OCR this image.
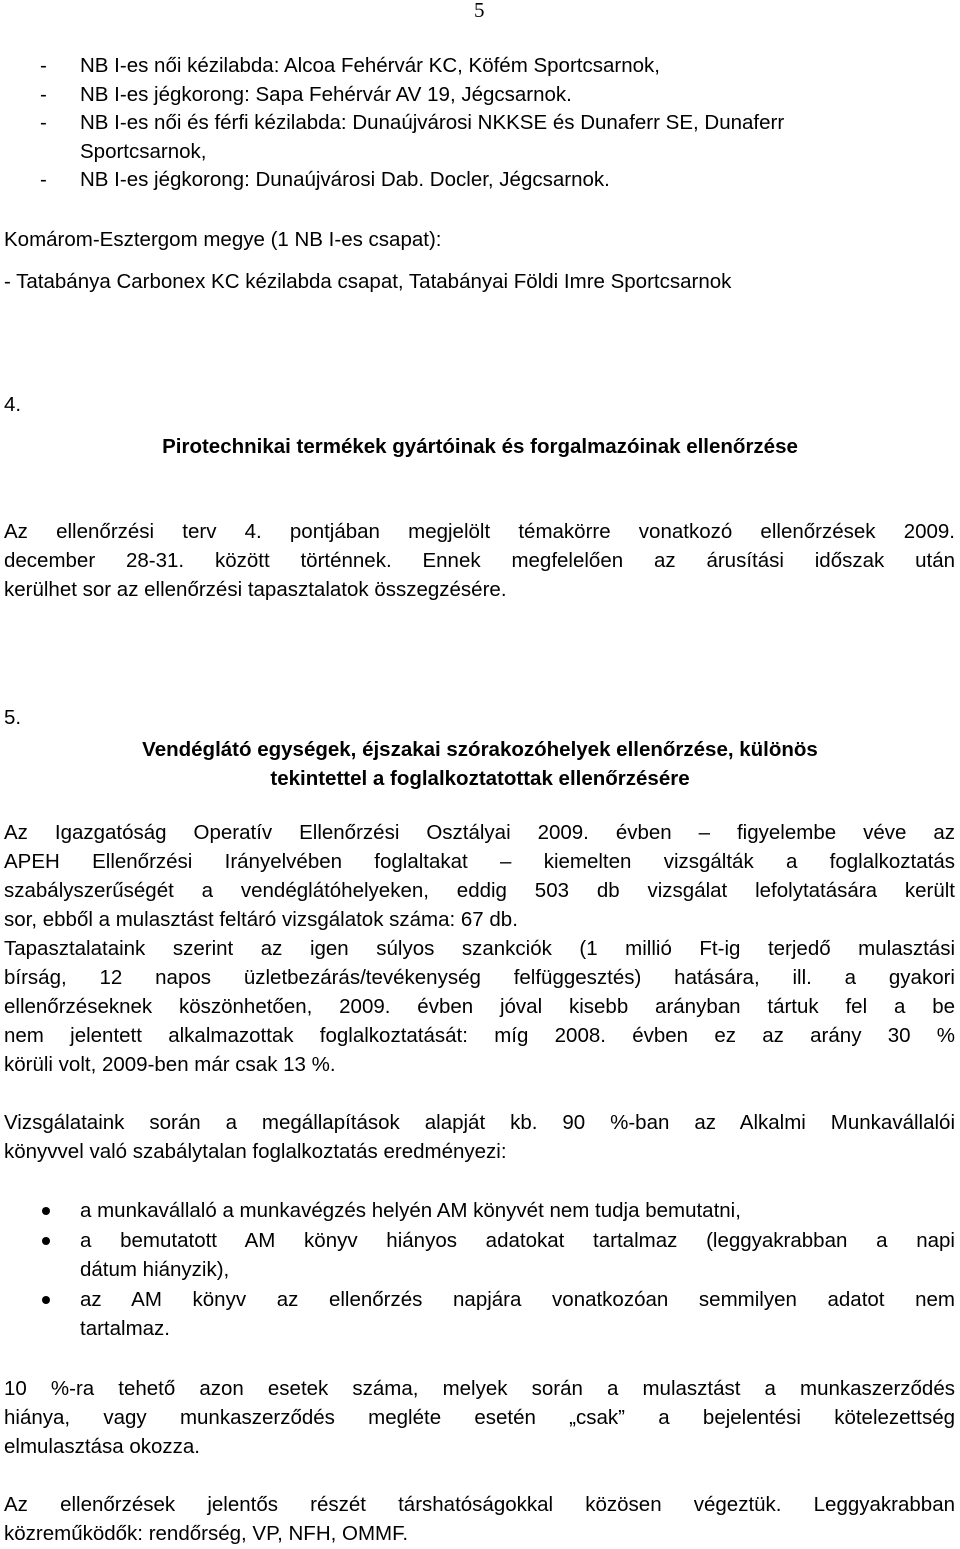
5
-	NB I-es női kézilabda: Alcoa Fehérvár KC, Köfém Sportcsarnok,
-	NB I-es jégkorong: Sapa Fehérvár AV 19, Jégcsarnok.
-	NB I-es női és férfi kézilabda: Dunaújvárosi NKKSE és Dunaferr SE, Dunaferr Sportcsarnok,
-	NB I-es jégkorong: Dunaújvárosi Dab. Docler, Jégcsarnok.
Komárom-Esztergom megye (1 NB I-es csapat):
- Tatabánya Carbonex KC kézilabda csapat, Tatabányai Földi Imre Sportcsarnok
4.
Pirotechnikai termékek gyártóinak és forgalmazóinak ellenőrzése

Az ellenőrzési terv 4. pontjában megjelölt témakörre vonatkozó ellenőrzések 2009.
december 28-31. között történnek. Ennek megfelelően az árusítási időszak után
kerülhet sor az ellenőrzési tapasztalatok összegzésére.

5.
Vendéglátó egységek, éjszakai szórakozóhelyek ellenőrzése, különös
tekintettel a foglalkoztatottak ellenőrzésére

Az Igazgatóság Operatív Ellenőrzési Osztályai 2009. évben – figyelembe véve az
APEH Ellenőrzési Irányelvében foglaltakat – kiemelten vizsgálták a foglalkoztatás
szabályszerűségét a vendéglátóhelyeken, eddig 503 db vizsgálat lefolytatására került
sor, ebből a mulasztást feltáró vizsgálatok száma: 67 db.

Tapasztalataink szerint az igen súlyos szankciók (1 millió Ft-ig terjedő mulasztási
bírság, 12 napos üzletbezárás/tevékenység felfüggesztés) hatására, ill. a gyakori
ellenőrzéseknek köszönhetően, 2009. évben jóval kisebb arányban tártuk fel a be
nem jelentett alkalmazottak foglalkoztatását: míg 2008. évben ez az arány 30 %
körüli volt, 2009-ben már csak 13 %.

Vizsgálataink során a megállapítások alapját kb. 90 %-ban az Alkalmi Munkavállalói
könyvvel való szabálytalan foglalkoztatás eredményezi:

a munkavállaló a munkavégzés helyén AM könyvét nem tudja bemutatni,
a bemutatott AM könyv hiányos adatokat tartalmaz (leggyakrabban a napi
dátum hiányzik),
az AM könyv az ellenőrzés napjára vonatkozóan semmilyen adatot nem
tartalmaz.

10 %-ra tehető azon esetek száma, melyek során a mulasztást a munkaszerződés
hiánya, vagy munkaszerződés megléte esetén „csak” a bejelentési kötelezettség
elmulasztása okozza.

Az ellenőrzések jelentős részét társhatóságokkal közösen végeztük. Leggyakrabban
közreműködők: rendőrség, VP, NFH, OMMF.
